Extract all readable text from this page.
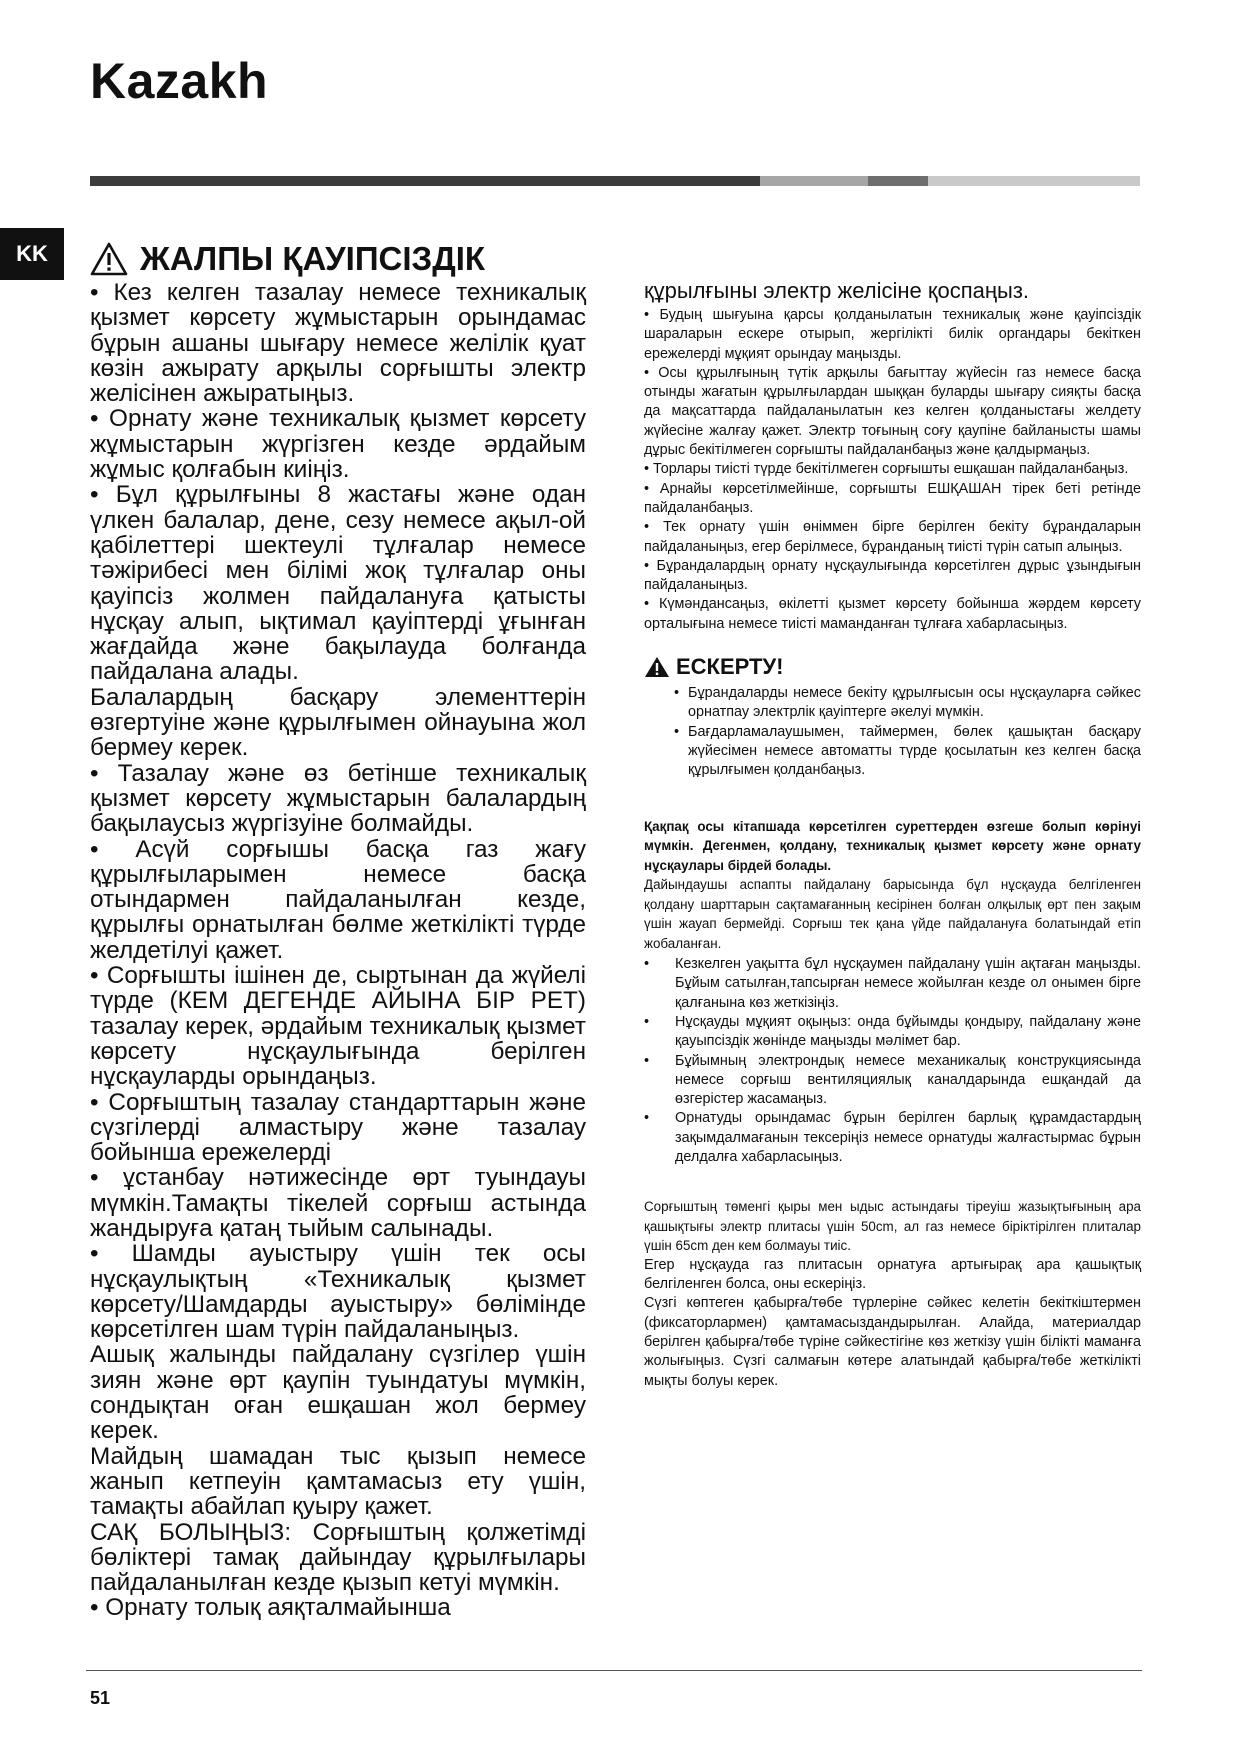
Kazakh
KK	ЖАЛПЫ ҚАУІПСІЗДІК

• Кез келген тазалау немесе техникалық қызмет көрсету жұмыстарын орындамас бұрын ашаны шығару немесе желілік қуат көзін ажырату арқылы сорғышты электр желісінен ажыратыңыз.

• Орнату және техникалық қызмет көрсету жұмыстарын жүргізген кезде әрдайым жұмыс қолғабын киіңіз.

• Бұл құрылғыны 8 жастағы және одан үлкен балалар, дене, сезу немесе ақыл-ой қабілеттері шектеулі тұлғалар немесе тәжірибесі мен білімі жоқ тұлғалар оны қауіпсіз жолмен пайдалануға қатысты нұсқау алып, ықтимал қауіптерді ұғынған жағдайда және бақылауда болғанда пайдалана алады.

Балалардың басқару элементтерін өзгертуіне және құрылғымен ойнауына жол бермеу керек.

• Тазалау және өз бетінше техникалық қызмет көрсету жұмыстарын балалардың бақылаусыз жүргізуіне болмайды.

• Асүй сорғышы басқа газ жағу құрылғыларымен немесе басқа отындармен пайдаланылған кезде, құрылғы орнатылған бөлме жеткілікті түрде желдетілуі қажет.

• Сорғышты ішінен де, сыртынан да жүйелі түрде (КЕМ ДЕГЕНДЕ АЙЫНА БІР РЕТ) тазалау керек, әрдайым техникалық қызмет көрсету нұсқаулығында берілген нұсқауларды орындаңыз.

• Сорғыштың тазалау стандарттарын және сүзгілерді алмастыру және тазалау бойынша ережелерді

• ұстанбау нәтижесінде өрт туындауы мүмкін.Тамақты тікелей сорғыш астында жандыруға қатаң тыйым салынады.

• Шамды ауыстыру үшін тек осы нұсқаулықтың «Техникалық қызмет көрсету/Шамдарды ауыстыру» бөлімінде көрсетілген шам түрін пайдаланыңыз.

Ашық жалынды пайдалану сүзгілер үшін зиян және өрт қаупін туындатуы мүмкін, сондықтан оған ешқашан жол бермеу керек.

Майдың шамадан тыс қызып немесе жанып кетпеуін қамтамасыз ету үшін, тамақты абайлап қуыру қажет.

САҚ БОЛЫҢЫЗ: Сорғыштың қолжетімді бөліктері тамақ дайындау құрылғылары пайдаланылған кезде қызып кетуі мүмкін.

• Орнату толық аяқталмайынша

құрылғыны электр желісіне қоспаңыз.

• Будың шығуына қарсы қолданылатын техникалық және қауіпсіздік шараларын ескере отырып, жергілікті билік органдары бекіткен ережелерді мұқият орындау маңызды.

• Осы құрылғының түтік арқылы бағыттау жүйесін газ немесе басқа отынды жағатын құрылғылардан шыққан буларды шығару сияқты басқа да мақсаттарда пайдаланылатын кез келген қолданыстағы желдету жүйесіне жалғау қажет. Электр тоғының соғу қаупіне байланысты шамы дұрыс бекітілмеген сорғышты пайдаланбаңыз және қалдырмаңыз.

• Торлары тиісті түрде бекітілмеген сорғышты ешқашан пайдаланбаңыз.

• Арнайы көрсетілмейінше, сорғышты ЕШҚАШАН тірек беті ретінде пайдаланбаңыз.

• Тек орнату үшін өніммен бірге берілген бекіту бұрандаларын пайдаланыңыз, егер берілмесе, бұранданың тиісті түрін сатып алыңыз.

• Бұрандалардың орнату нұсқаулығында көрсетілген дұрыс ұзындығын пайдаланыңыз.

• Күмәндансаңыз, өкілетті қызмет көрсету бойынша жәрдем көрсету орталығына немесе тиісті маманданған тұлғаға хабарласыңыз.

ЕСКЕРТУ!
• Бұрандаларды немесе бекіту құрылғысын осы нұсқауларға сәйкес орнатпау электрлік қауіптерге әкелуі мүмкін.
• Бағдарламалаушымен, таймермен, бөлек қашықтан басқару жүйесімен немесе автоматты түрде қосылатын кез келген басқа құрылғымен қолданбаңыз.

Қақпақ осы кітапшада көрсетілген суреттерден өзгеше болып көрінуі мүмкін. Дегенмен, қолдану, техникалық қызмет көрсету және орнату нұсқаулары бірдей болады.

Дайындаушы аспапты пайдалану барысында бұл нұсқауда белгіленген қолдану шарттарын сақтамағанның кесірінен болған олқылық өрт пен зақым үшін жауап бермейді. Сорғыш тек қана үйде пайдалануға болатындай етіп жобаланған.

• Кезкелген уақытта бұл нұсқаумен пайдалану үшін ақтаған маңызды. Бұйым сатылған,тапсырған немесе жойылған кезде ол онымен бірге қалғанына көз жеткізіңіз.
• Нұсқауды мұқият оқыңыз: онда бұйымды қондыру, пайдалану және қауыпсіздік жөнінде маңызды мәлімет бар.
• Бұйымның электрондық немесе механикалық конструкциясында немесе сорғыш вентиляциялық каналдарында ешқандай да өзгерістер жасамаңыз.
• Орнатуды орындамас бұрын берілген барлық құрамдастардың зақымдалмағанын тексеріңіз немесе орнатуды жалғастырмас бұрын делдалға хабарласыңыз.

Сорғыштың төменгі қыры мен ыдыс астындағы тіреуіш жазықтығының ара қашықтығы электр плитасы үшін 50cm, ал газ немесе біріктірілген плиталар үшін 65cm ден кем болмауы тиіс.

Егер нұсқауда газ плитасын орнатуға артығырақ ара қашықтық белгіленген болса, оны ескеріңіз.

Сүзгі көптеген қабырға/төбе түрлеріне сәйкес келетін бекіткіштермен (фиксаторлармен) қамтамасыздандырылған. Алайда, материалдар берілген қабырға/төбе түріне сәйкестігіне көз жеткізу үшін білікті маманға жолығыңыз. Сүзгі салмағын көтере алатындай қабырға/төбе жеткілікті мықты болуы керек.

51
